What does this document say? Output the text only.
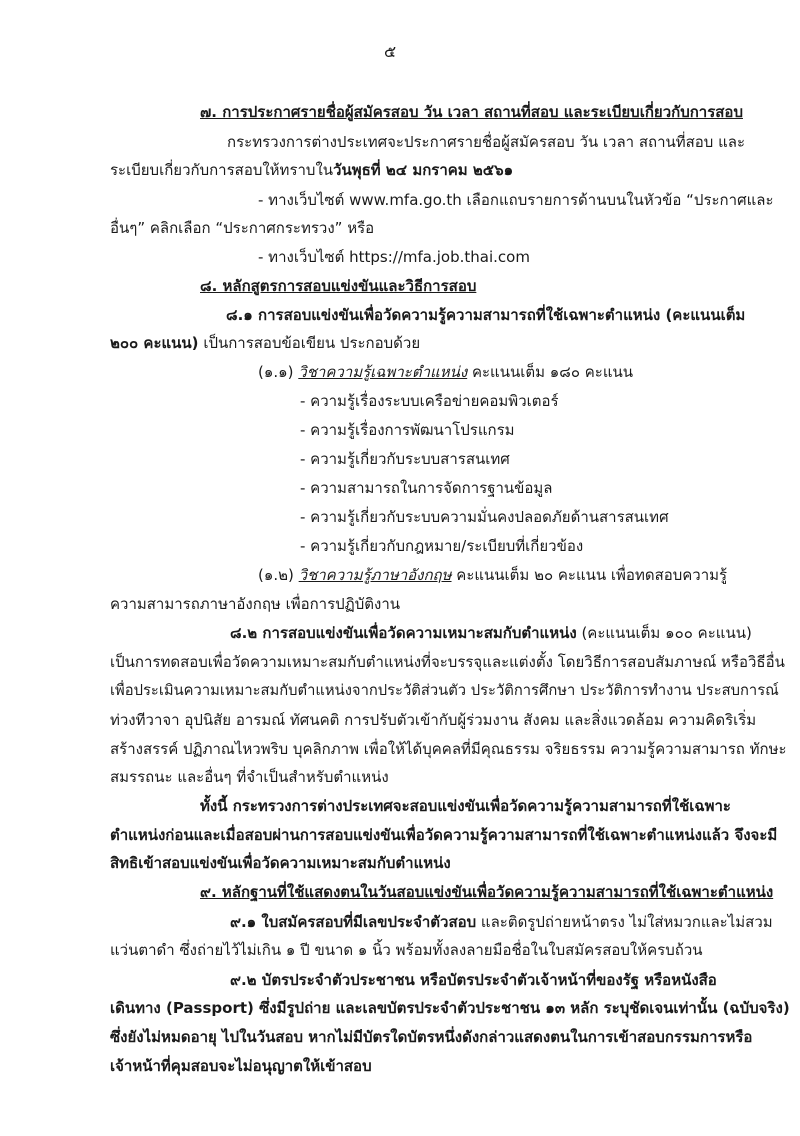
๕
๗. การประกาศรายชื่อผู้สมัครสอบ วัน เวลา สถานที่สอบ และระเบียบเกี่ยวกับการสอบ
กระทรวงการต่างประเทศจะประกาศรายชื่อผู้สมัครสอบ วัน เวลา สถานที่สอบ และ
ระเบียบเกี่ยวกับการสอบให้ทราบในวันพุธที่ ๒๔ มกราคม ๒๕๖๑
- ทางเว็บไซต์ www.mfa.go.th เลือกแถบรายการด้านบนในหัวข้อ “ประกาศและ
อื่นๆ” คลิกเลือก “ประกาศกระทรวง” หรือ
- ทางเว็บไซต์ https://mfa.job.thai.com
๘. หลักสูตรการสอบแข่งขันและวิธีการสอบ
๘.๑ การสอบแข่งขันเพื่อวัดความรู้ความสามารถที่ใช้เฉพาะตำแหน่ง (คะแนนเต็ม
๒๐๐ คะแนน) เป็นการสอบข้อเขียน ประกอบด้วย
(๑.๑) วิชาความรู้เฉพาะตำแหน่ง คะแนนเต็ม ๑๘๐ คะแนน
- ความรู้เรื่องระบบเครือข่ายคอมพิวเตอร์
- ความรู้เรื่องการพัฒนาโปรแกรม
- ความรู้เกี่ยวกับระบบสารสนเทศ
- ความสามารถในการจัดการฐานข้อมูล
- ความรู้เกี่ยวกับระบบความมั่นคงปลอดภัยด้านสารสนเทศ
- ความรู้เกี่ยวกับกฎหมาย/ระเบียบที่เกี่ยวข้อง
(๑.๒) วิชาความรู้ภาษาอังกฤษ คะแนนเต็ม ๒๐ คะแนน เพื่อทดสอบความรู้
ความสามารถภาษาอังกฤษ เพื่อการปฏิบัติงาน
๘.๒ การสอบแข่งขันเพื่อวัดความเหมาะสมกับตำแหน่ง (คะแนนเต็ม ๑๐๐ คะแนน)
เป็นการทดสอบเพื่อวัดความเหมาะสมกับตำแหน่งที่จะบรรจุและแต่งตั้ง โดยวิธีการสอบสัมภาษณ์ หรือวิธีอื่น
เพื่อประเมินความเหมาะสมกับตำแหน่งจากประวัติส่วนตัว ประวัติการศึกษา ประวัติการทำงาน ประสบการณ์
ท่วงทีวาจา อุปนิสัย อารมณ์ ทัศนคติ การปรับตัวเข้ากับผู้ร่วมงาน สังคม และสิ่งแวดล้อม ความคิดริเริ่ม
สร้างสรรค์ ปฏิภาณไหวพริบ บุคลิกภาพ เพื่อให้ได้บุคคลที่มีคุณธรรม จริยธรรม ความรู้ความสามารถ ทักษะ
สมรรถนะ และอื่นๆ ที่จำเป็นสำหรับตำแหน่ง
ทั้งนี้ กระทรวงการต่างประเทศจะสอบแข่งขันเพื่อวัดความรู้ความสามารถที่ใช้เฉพาะ
ตำแหน่งก่อนและเมื่อสอบผ่านการสอบแข่งขันเพื่อวัดความรู้ความสามารถที่ใช้เฉพาะตำแหน่งแล้ว จึงจะมี
สิทธิเข้าสอบแข่งขันเพื่อวัดความเหมาะสมกับตำแหน่ง
๙. หลักฐานที่ใช้แสดงตนในวันสอบแข่งขันเพื่อวัดความรู้ความสามารถที่ใช้เฉพาะตำแหน่ง
๙.๑ ใบสมัครสอบที่มีเลขประจำตัวสอบ และติดรูปถ่ายหน้าตรง ไม่ใส่หมวกและไม่สวม
แว่นตาดำ ซึ่งถ่ายไว้ไม่เกิน ๑ ปี ขนาด ๑ นิ้ว พร้อมทั้งลงลายมือชื่อในใบสมัครสอบให้ครบถ้วน
๙.๒ บัตรประจำตัวประชาชน หรือบัตรประจำตัวเจ้าหน้าที่ของรัฐ หรือหนังสือ
เดินทาง (Passport) ซึ่งมีรูปถ่าย และเลขบัตรประจำตัวประชาชน ๑๓ หลัก ระบุชัดเจนเท่านั้น (ฉบับจริง)
ซึ่งยังไม่หมดอายุ ไปในวันสอบ หากไม่มีบัตรใดบัตรหนึ่งดังกล่าวแสดงตนในการเข้าสอบกรรมการหรือ
เจ้าหน้าที่คุมสอบจะไม่อนุญาตให้เข้าสอบ
